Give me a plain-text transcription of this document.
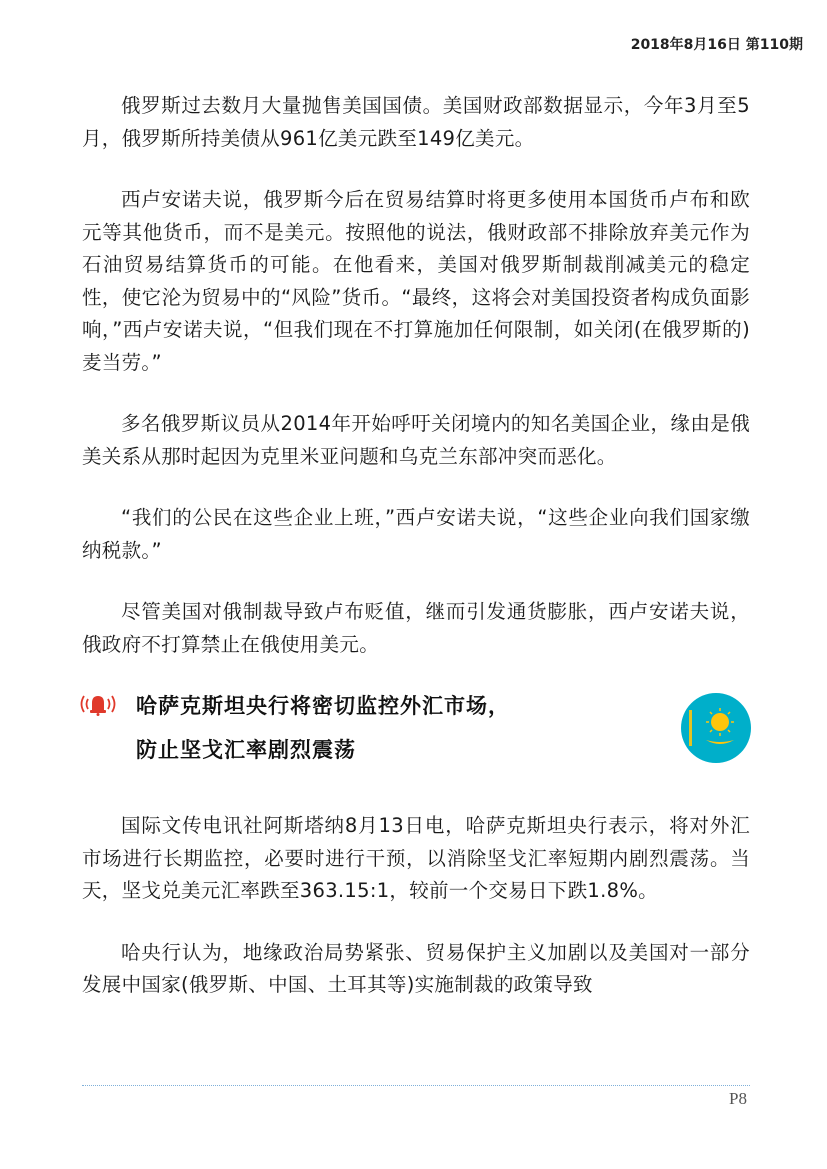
2018年8月16日 第110期

俄罗斯过去数月大量抛售美国国债。美国财政部数据显示，今年3月至5月，俄罗斯所持美债从961亿美元跌至149亿美元。

西卢安诺夫说，俄罗斯今后在贸易结算时将更多使用本国货币卢布和欧元等其他货币，而不是美元。按照他的说法，俄财政部不排除放弃美元作为石油贸易结算货币的可能。在他看来，美国对俄罗斯制裁削减美元的稳定性，使它沦为贸易中的“风险”货币。“最终，这将会对美国投资者构成负面影响，”西卢安诺夫说，“但我们现在不打算施加任何限制，如关闭(在俄罗斯的)麦当劳。”

多名俄罗斯议员从2014年开始呼吁关闭境内的知名美国企业，缘由是俄美关系从那时起因为克里米亚问题和乌克兰东部冲突而恶化。

“我们的公民在这些企业上班，”西卢安诺夫说，“这些企业向我们国家缴纳税款。”

尽管美国对俄制裁导致卢布贬值，继而引发通货膨胀，西卢安诺夫说，俄政府不打算禁止在俄使用美元。

哈萨克斯坦央行将密切监控外汇市场，
防止坚戈汇率剧烈震荡

国际文传电讯社阿斯塔纳8月13日电，哈萨克斯坦央行表示，将对外汇市场进行长期监控，必要时进行干预，以消除坚戈汇率短期内剧烈震荡。当天，坚戈兑美元汇率跌至363.15:1，较前一个交易日下跌1.8%。

哈央行认为，地缘政治局势紧张、贸易保护主义加剧以及美国对一部分发展中国家(俄罗斯、中国、土耳其等)实施制裁的政策导致

P8
